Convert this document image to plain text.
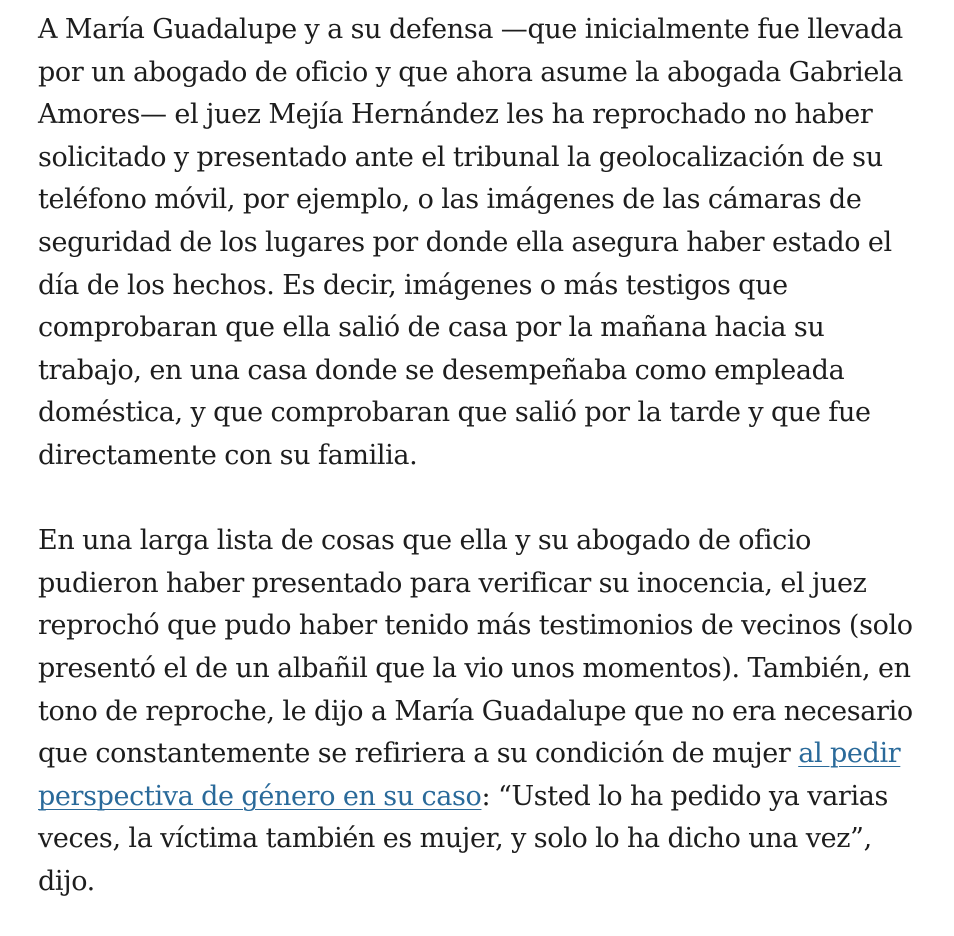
A María Guadalupe y a su defensa —que inicialmente fue llevada por un abogado de oficio y que ahora asume la abogada Gabriela Amores— el juez Mejía Hernández les ha reprochado no haber solicitado y presentado ante el tribunal la geolocalización de su teléfono móvil, por ejemplo, o las imágenes de las cámaras de seguridad de los lugares por donde ella asegura haber estado el día de los hechos. Es decir, imágenes o más testigos que comprobaran que ella salió de casa por la mañana hacia su trabajo, en una casa donde se desempeñaba como empleada doméstica, y que comprobaran que salió por la tarde y que fue directamente con su familia.

En una larga lista de cosas que ella y su abogado de oficio pudieron haber presentado para verificar su inocencia, el juez reprochó que pudo haber tenido más testimonios de vecinos (solo presentó el de un albañil que la vio unos momentos). También, en tono de reproche, le dijo a María Guadalupe que no era necesario que constantemente se refiriera a su condición de mujer al pedir perspectiva de género en su caso: “Usted lo ha pedido ya varias veces, la víctima también es mujer, y solo lo ha dicho una vez”, dijo.
